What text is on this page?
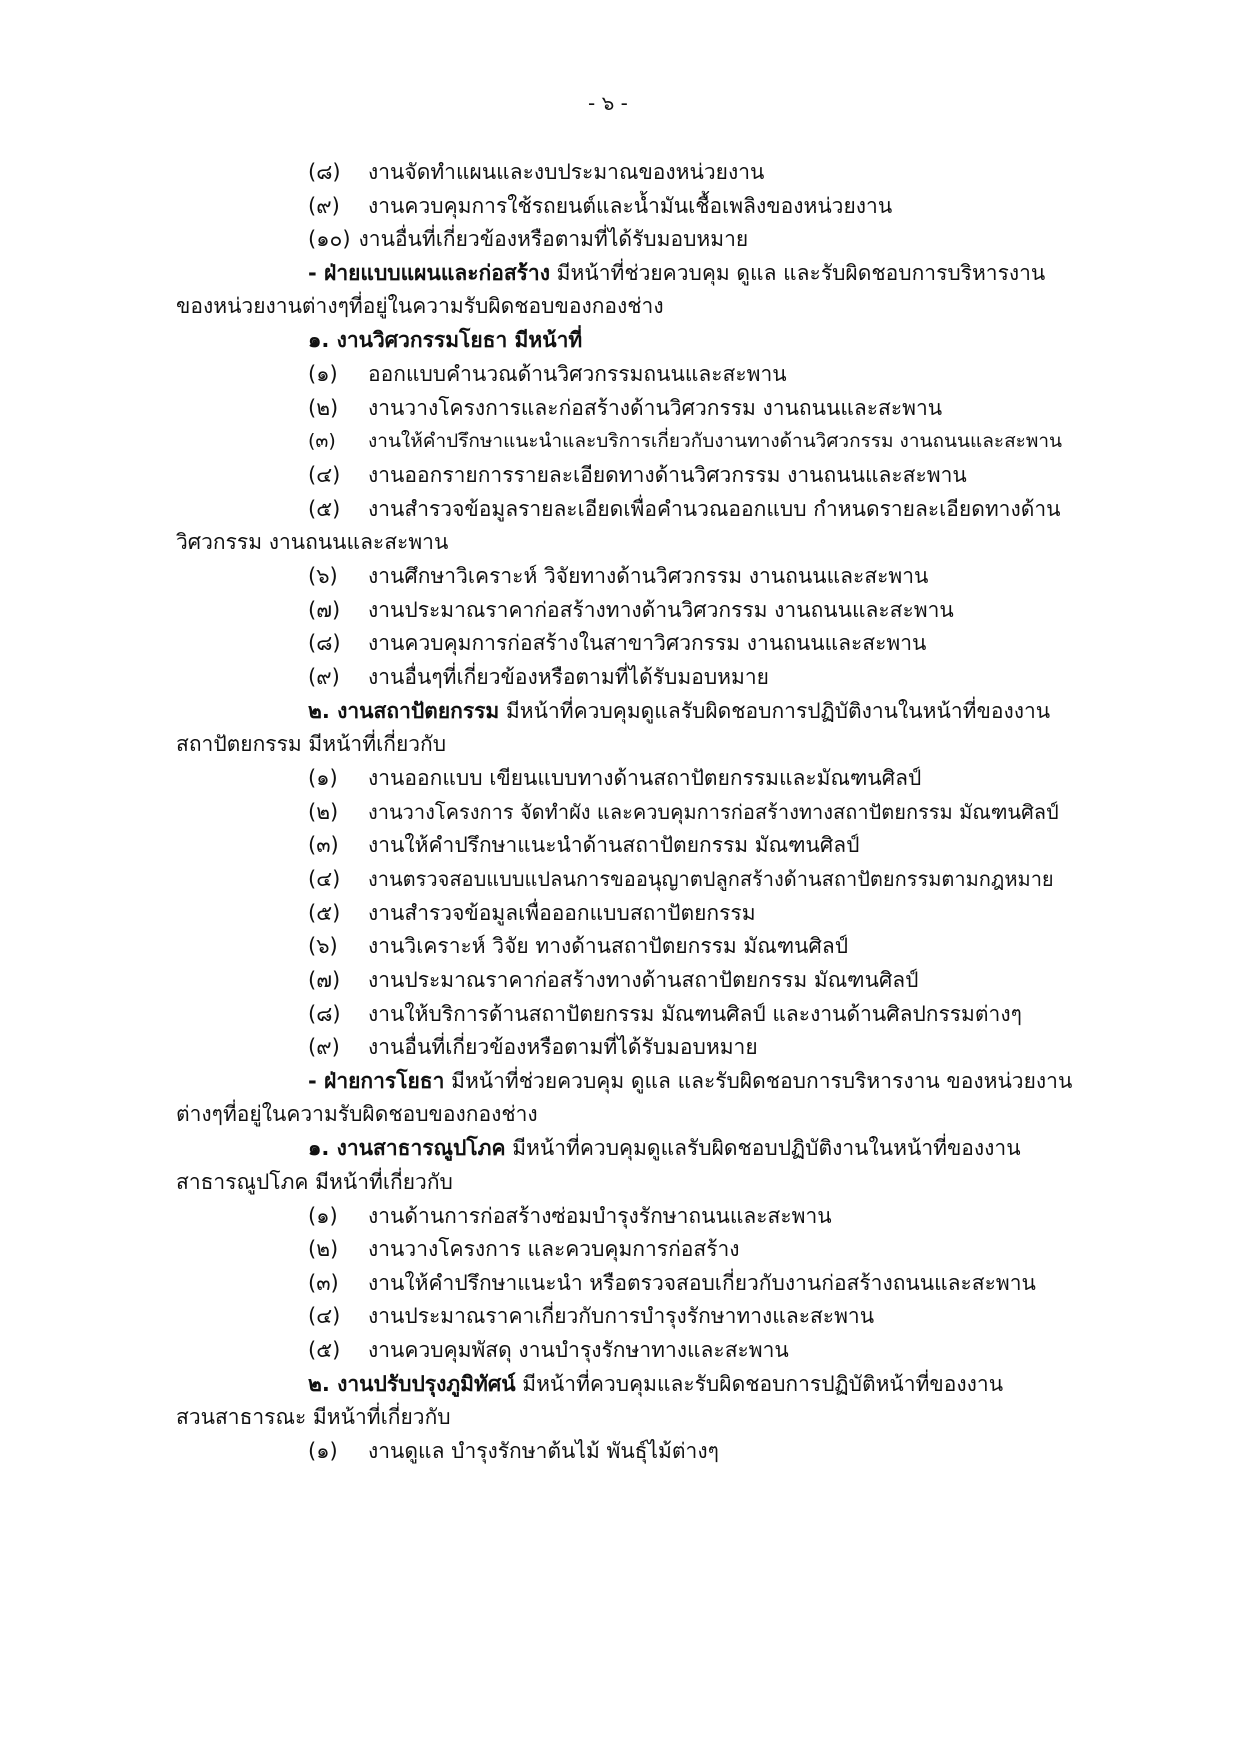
- ๖ -
(๘) งานจัดทำแผนและงบประมาณของหน่วยงาน
(๙) งานควบคุมการใช้รถยนต์และน้ำมันเชื้อเพลิงของหน่วยงาน
(๑๐) งานอื่นที่เกี่ยวข้องหรือตามที่ได้รับมอบหมาย
- ฝ่ายแบบแผนและก่อสร้าง มีหน้าที่ช่วยควบคุม ดูแล และรับผิดชอบการบริหารงาน
ของหน่วยงานต่างๆที่อยู่ในความรับผิดชอบของกองช่าง
๑. งานวิศวกรรมโยธา มีหน้าที่
(๑) ออกแบบคำนวณด้านวิศวกรรมถนนและสะพาน
(๒) งานวางโครงการและก่อสร้างด้านวิศวกรรม งานถนนและสะพาน
(๓) งานให้คำปรึกษาแนะนำและบริการเกี่ยวกับงานทางด้านวิศวกรรม งานถนนและสะพาน
(๔) งานออกรายการรายละเอียดทางด้านวิศวกรรม งานถนนและสะพาน
(๕) งานสำรวจข้อมูลรายละเอียดเพื่อคำนวณออกแบบ กำหนดรายละเอียดทางด้าน
วิศวกรรม งานถนนและสะพาน
(๖) งานศึกษาวิเคราะห์ วิจัยทางด้านวิศวกรรม งานถนนและสะพาน
(๗) งานประมาณราคาก่อสร้างทางด้านวิศวกรรม งานถนนและสะพาน
(๘) งานควบคุมการก่อสร้างในสาขาวิศวกรรม งานถนนและสะพาน
(๙) งานอื่นๆที่เกี่ยวข้องหรือตามที่ได้รับมอบหมาย
๒. งานสถาปัตยกรรม มีหน้าที่ควบคุมดูแลรับผิดชอบการปฏิบัติงานในหน้าที่ของงาน
สถาปัตยกรรม มีหน้าที่เกี่ยวกับ
(๑) งานออกแบบ เขียนแบบทางด้านสถาปัตยกรรมและมัณฑนศิลป์
(๒) งานวางโครงการ จัดทำผัง และควบคุมการก่อสร้างทางสถาปัตยกรรม มัณฑนศิลป์
(๓) งานให้คำปรึกษาแนะนำด้านสถาปัตยกรรม มัณฑนศิลป์
(๔) งานตรวจสอบแบบแปลนการขออนุญาตปลูกสร้างด้านสถาปัตยกรรมตามกฎหมาย
(๕) งานสำรวจข้อมูลเพื่อออกแบบสถาปัตยกรรม
(๖) งานวิเคราะห์ วิจัย ทางด้านสถาปัตยกรรม มัณฑนศิลป์
(๗) งานประมาณราคาก่อสร้างทางด้านสถาปัตยกรรม มัณฑนศิลป์
(๘) งานให้บริการด้านสถาปัตยกรรม มัณฑนศิลป์ และงานด้านศิลปกรรมต่างๆ
(๙) งานอื่นที่เกี่ยวข้องหรือตามที่ได้รับมอบหมาย
- ฝ่ายการโยธา มีหน้าที่ช่วยควบคุม ดูแล และรับผิดชอบการบริหารงาน ของหน่วยงาน
ต่างๆที่อยู่ในความรับผิดชอบของกองช่าง
๑. งานสาธารณูปโภค มีหน้าที่ควบคุมดูแลรับผิดชอบปฏิบัติงานในหน้าที่ของงาน
สาธารณูปโภค มีหน้าที่เกี่ยวกับ
(๑) งานด้านการก่อสร้างซ่อมบำรุงรักษาถนนและสะพาน
(๒) งานวางโครงการ และควบคุมการก่อสร้าง
(๓) งานให้คำปรึกษาแนะนำ หรือตรวจสอบเกี่ยวกับงานก่อสร้างถนนและสะพาน
(๔) งานประมาณราคาเกี่ยวกับการบำรุงรักษาทางและสะพาน
(๕) งานควบคุมพัสดุ งานบำรุงรักษาทางและสะพาน
๒. งานปรับปรุงภูมิทัศน์ มีหน้าที่ควบคุมและรับผิดชอบการปฏิบัติหน้าที่ของงาน
สวนสาธารณะ มีหน้าที่เกี่ยวกับ
(๑) งานดูแล บำรุงรักษาต้นไม้ พันธุ์ไม้ต่างๆ
